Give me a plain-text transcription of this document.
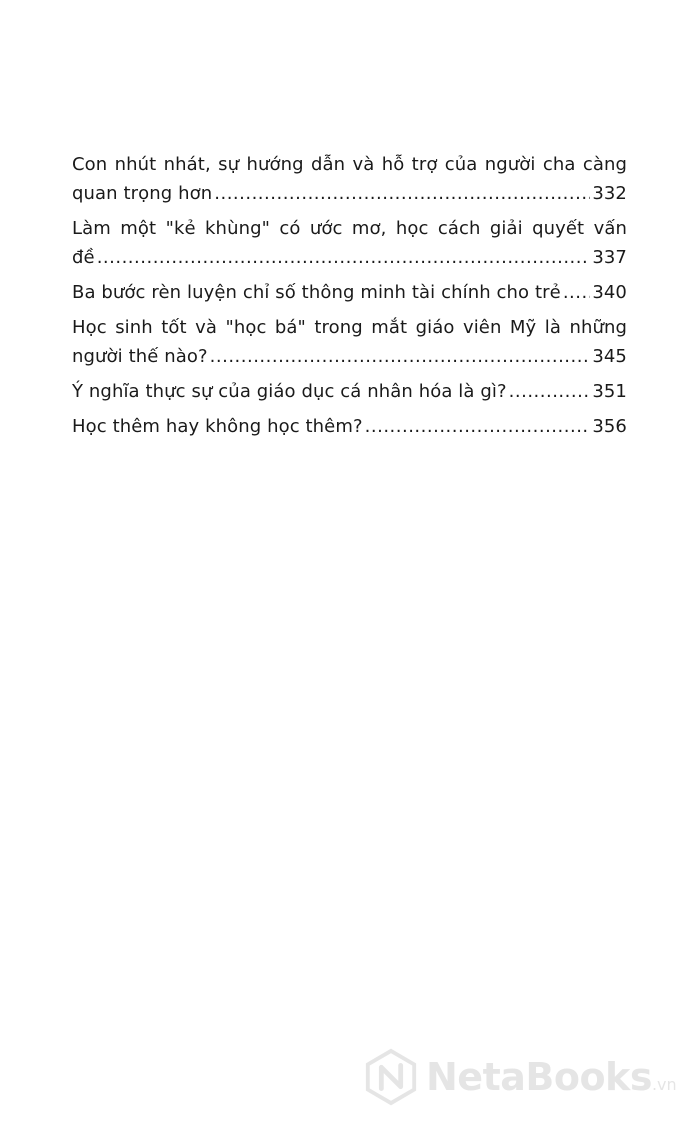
Con nhút nhát, sự hướng dẫn và hỗ trợ của người cha càng
quan trọng hơn .....	332
Làm một "kẻ khùng" có ước mơ, học cách giải quyết vấn
đề .....	337
Ba bước rèn luyện chỉ số thông minh tài chính cho trẻ ..... 340
Học sinh tốt và "học bá" trong mắt giáo viên Mỹ là những
người thế nào? .....	345
Ý nghĩa thực sự của giáo dục cá nhân hóa là gì? .....	351
Học thêm hay không học thêm? .....	356
NetaBooks.vn
